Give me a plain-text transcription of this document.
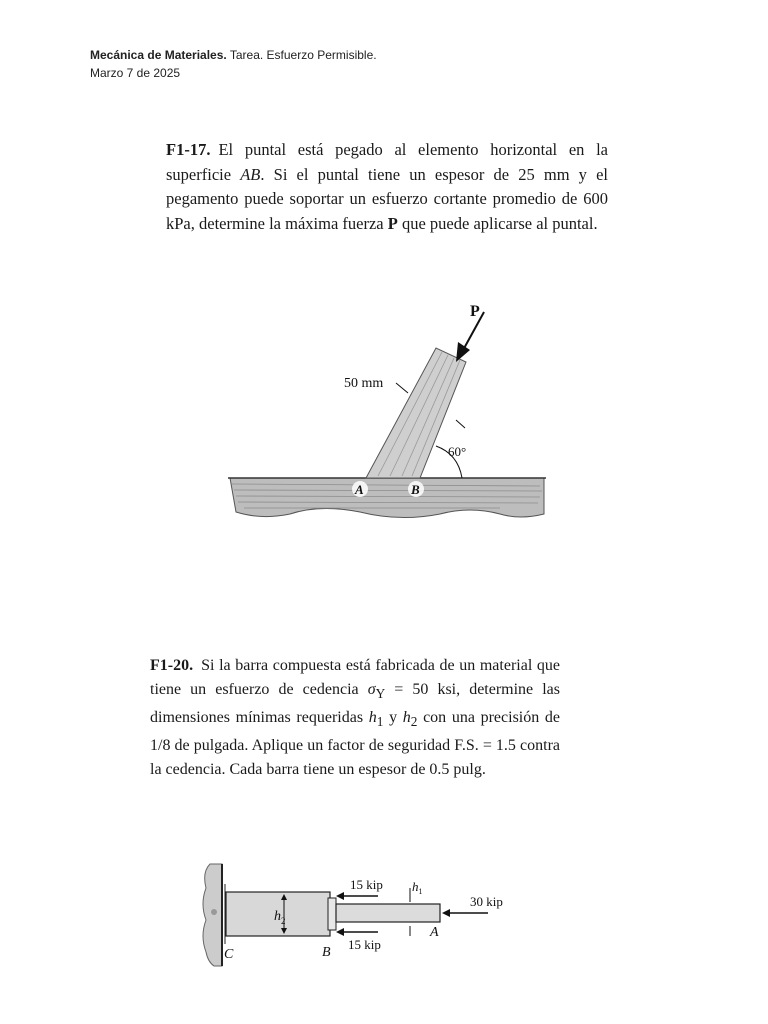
Mecánica de Materiales. Tarea. Esfuerzo Permisible.
Marzo 7 de 2025
F1-17. El puntal está pegado al elemento horizontal en la superficie AB. Si el puntal tiene un espesor de 25 mm y el pegamento puede soportar un esfuerzo cortante promedio de 600 kPa, determine la máxima fuerza P que puede aplicarse al puntal.
P
50 mm
60°
A	B
F1-20. Si la barra compuesta está fabricada de un material que tiene un esfuerzo de cedencia $\sigma_Y = 50$ ksi, determine las dimensiones mínimas requeridas $h_1$ y $h_2$ con una precisión de 1/8 de pulgada. Aplique un factor de seguridad F.S. = 1.5 contra la cedencia. Cada barra tiene un espesor de 0.5 pulg.
$h_2$
15 kip
15 kip
$h_1$
30 kip
C	B
A
